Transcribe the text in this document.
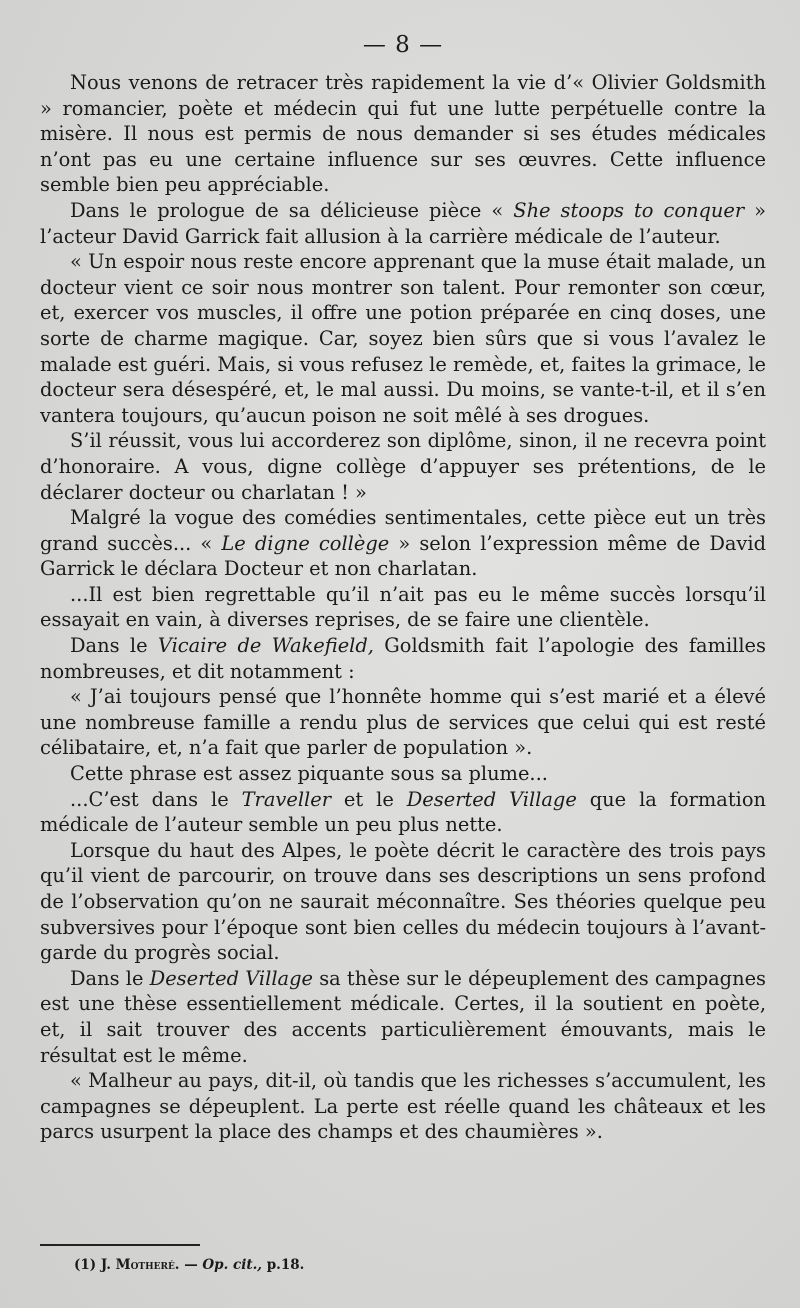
— 8 —

Nous venons de retracer très rapidement la vie d’« Olivier Goldsmith » romancier, poète et médecin qui fut une lutte perpétuelle contre la misère. Il nous est permis de nous demander si ses études médicales n’ont pas eu une certaine influence sur ses œuvres. Cette influence semble bien peu appréciable.

Dans le prologue de sa délicieuse pièce « She stoops to conquer » l’acteur David Garrick fait allusion à la carrière médicale de l’auteur.

« Un espoir nous reste encore apprenant que la muse était malade, un docteur vient ce soir nous montrer son talent. Pour remonter son cœur, et, exercer vos muscles, il offre une potion préparée en cinq doses, une sorte de charme magique. Car, soyez bien sûrs que si vous l’avalez le malade est guéri. Mais, si vous refusez le remède, et, faites la grimace, le docteur sera désespéré, et, le mal aussi. Du moins, se vante-t-il, et il s’en vantera toujours, qu’aucun poison ne soit mêlé à ses drogues.

S’il réussit, vous lui accorderez son diplôme, sinon, il ne recevra point d’honoraire. A vous, digne collège d’appuyer ses prétentions, de le déclarer docteur ou charlatan ! »

Malgré la vogue des comédies sentimentales, cette pièce eut un très grand succès... « Le digne collège » selon l’expression même de David Garrick le déclara Docteur et non charlatan.

...Il est bien regrettable qu’il n’ait pas eu le même succès lorsqu’il essayait en vain, à diverses reprises, de se faire une clientèle.

Dans le Vicaire de Wakefield, Goldsmith fait l’apologie des familles nombreuses, et dit notamment :

« J’ai toujours pensé que l’honnête homme qui s’est marié et a élevé une nombreuse famille a rendu plus de services que celui qui est resté célibataire, et, n’a fait que parler de population ».

Cette phrase est assez piquante sous sa plume...

...C’est dans le Traveller et le Deserted Village que la formation médicale de l’auteur semble un peu plus nette.

Lorsque du haut des Alpes, le poète décrit le caractère des trois pays qu’il vient de parcourir, on trouve dans ses descriptions un sens profond de l’observation qu’on ne saurait méconnaître. Ses théories quelque peu subversives pour l’époque sont bien celles du médecin toujours à l’avant-garde du progrès social.

Dans le Deserted Village sa thèse sur le dépeuplement des campagnes est une thèse essentiellement médicale. Certes, il la soutient en poète, et, il sait trouver des accents particulièrement émouvants, mais le résultat est le même.

« Malheur au pays, dit-il, où tandis que les richesses s’accumulent, les campagnes se dépeuplent. La perte est réelle quand les châteaux et les parcs usurpent la place des champs et des chaumières ».

(1) J. Motheré. — Op. cit., p.18.
